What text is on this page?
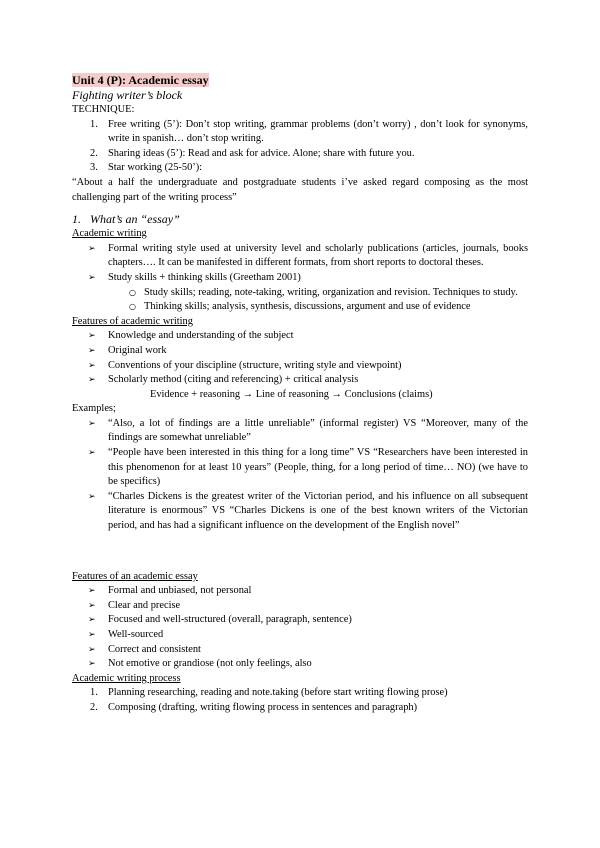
Unit 4 (P): Academic essay
Fighting writer’s block
TECHNIQUE:
1. Free writing (5’): Don’t stop writing, grammar problems (don’t worry) , don’t look for synonyms, write in spanish… don’t stop writing.
2. Sharing ideas (5’): Read and ask for advice. Alone; share with future you.
3. Star working (25-50’):
“About a half the undergraduate and postgraduate students i’ve asked regard composing as the most challenging part of the writing process”
1. What’s an “essay”
Academic writing
➢ Formal writing style used at university level and scholarly publications (articles, journals, books chapters…. It can be manifested in different formats, from short reports to doctoral theses.
➢ Study skills + thinking skills (Greetham 2001)
○ Study skills; reading, note-taking, writing, organization and revision. Techniques to study.
○ Thinking skills; analysis, synthesis, discussions, argument and use of evidence
Features of academic writing
➢ Knowledge and understanding of the subject
➢ Original work
➢ Conventions of your discipline (structure, writing style and viewpoint)
➢ Scholarly method (citing and referencing) + critical analysis
Evidence + reasoning → Line of reasoning → Conclusions (claims)
Examples;
➢ “Also, a lot of findings are a little unreliable” (informal register) VS “Moreover, many of the findings are somewhat unreliable”
➢ “People have been interested in this thing for a long time” VS “Researchers have been interested in this phenomenon for at least 10 years” (People, thing, for a long period of time… NO) (we have to be specifics)
➢ “Charles Dickens is the greatest writer of the Victorian period, and his influence on all subsequent literature is enormous” VS “Charles Dickens is one of the best known writers of the Victorian period, and has had a significant influence on the development of the English novel”
Features of an academic essay
➢ Formal and unbiased, not personal
➢ Clear and precise
➢ Focused and well-structured (overall, paragraph, sentence)
➢ Well-sourced
➢ Correct and consistent
➢ Not emotive or grandiose (not only feelings, also
Academic writing process
1. Planning researching, reading and note.taking (before start writing flowing prose)
2. Composing (drafting, writing flowing process in sentences and paragraph)
